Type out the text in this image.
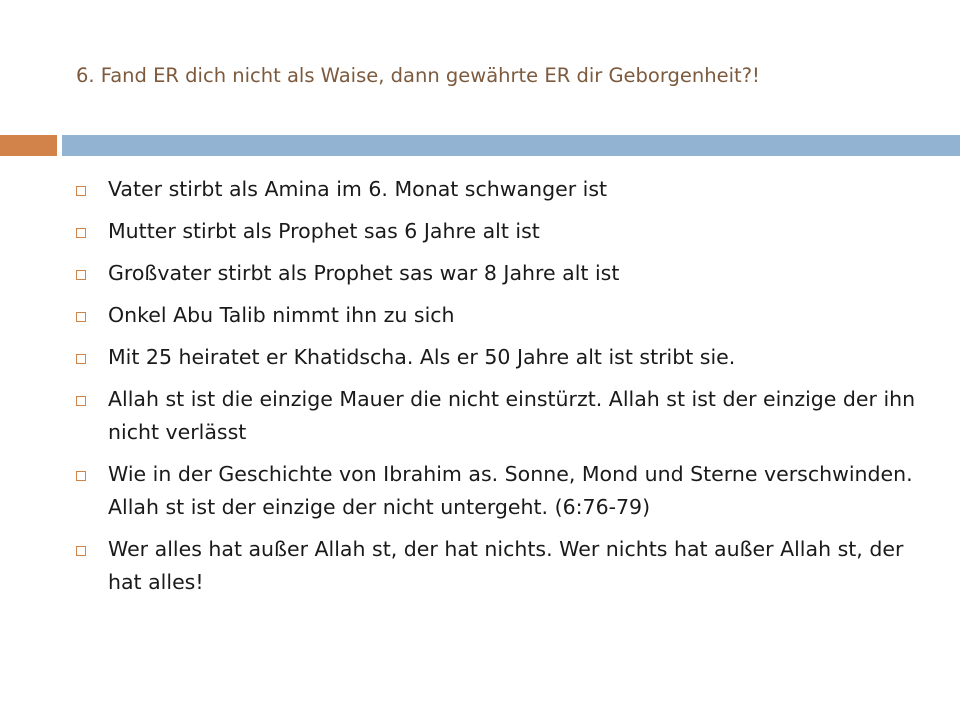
6. Fand ER dich nicht als Waise, dann gewährte ER dir Geborgenheit?!
Vater stirbt als Amina im 6. Monat schwanger ist
Mutter stirbt als Prophet sas 6 Jahre alt ist
Großvater stirbt als Prophet sas war 8 Jahre alt ist
Onkel Abu Talib nimmt ihn zu sich
Mit 25 heiratet er Khatidscha. Als er 50 Jahre alt ist stribt sie.
Allah st ist die einzige Mauer die nicht einstürzt. Allah st ist der einzige der ihn nicht verlässt
Wie in der Geschichte von Ibrahim as. Sonne, Mond und Sterne verschwinden. Allah st ist der einzige der nicht untergeht. (6:76-79)
Wer alles hat außer Allah st, der hat nichts. Wer nichts hat außer Allah st, der hat alles!
